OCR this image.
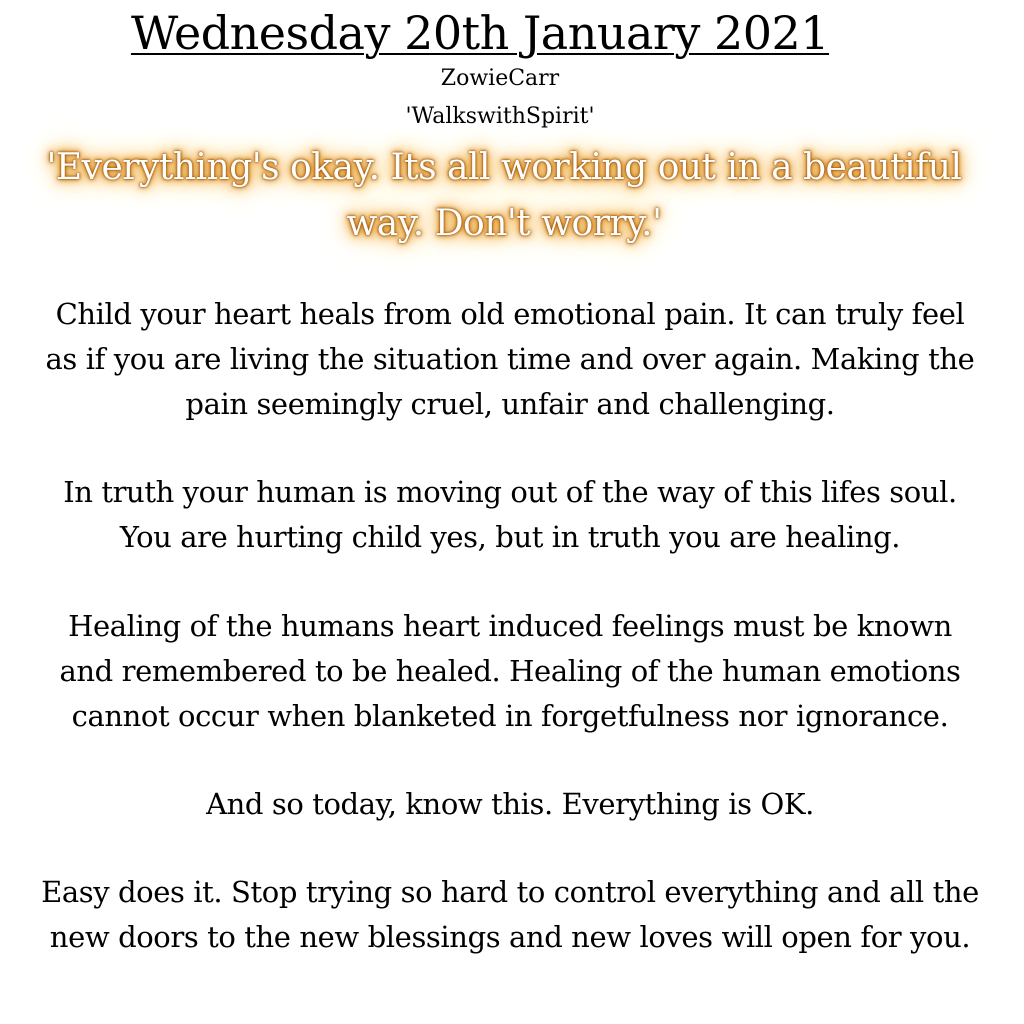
Wednesday 20th January 2021
ZowieCarr
'WalkswithSpirit'
'Everything's okay. Its all working out in a beautiful
way. Don't worry.'
Child your heart heals from old emotional pain. It can truly feel
as if you are living the situation time and over again. Making the
pain seemingly cruel, unfair and challenging.
In truth your human is moving out of the way of this lifes soul.
You are hurting child yes, but in truth you are healing.
Healing of the humans heart induced feelings must be known
and remembered to be healed. Healing of the human emotions
cannot occur when blanketed in forgetfulness nor ignorance.
And so today, know this. Everything is OK.
Easy does it. Stop trying so hard to control everything and all the
new doors to the new blessings and new loves will open for you.
